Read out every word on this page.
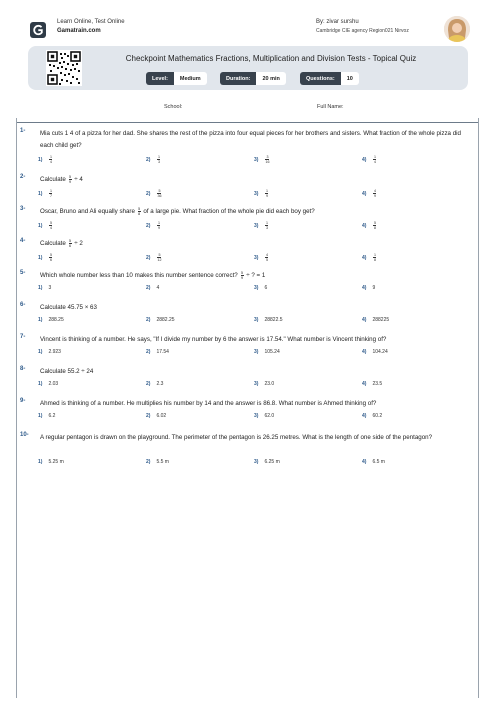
Learn Online, Test Online
Gamatrain.com
By: zivar surshu
Cambridge CIE agency Region021 Nirvoz
Checkpoint Mathematics Fractions, Multiplication and Division Tests - Topical Quiz
Level:	Medium	Duration:	20 min	Questions:	10
School:	Full Name:
1- Mia cuts 1 4 of a pizza for her dad. She shares the rest of the pizza into four equal pieces for her brothers and sisters. What fraction of the whole pizza did each child get?
$1) \frac{1}{4}$	$2) \frac{1}{3}$	$3) \frac{3}{16}$	$4) \frac{1}{4}$
2- Calculate $\frac{5}{9} \div 4$
$1) \frac{1}{7}$	$2) \frac{5}{36}$	$3) \frac{1}{9}$	$4) \frac{4}{9}$
3- Oscar, Bruno and Ali equally share $\frac{5}{8}$ of a large pie. What fraction of the whole pie did each boy get?
$1) \frac{5}{4}$	$2) \frac{1}{9}$	$3) \frac{1}{3}$	$4) \frac{5}{8}$
4- Calculate $\frac{5}{6} \div 2$
$1) \frac{5}{6}$	$2) \frac{5}{12}$	$3) \frac{4}{5}$	$4) \frac{1}{8}$
5- Which whole number less than 10 makes this number sentence correct? $\frac{5}{9}$ ÷ ? = 1
1) 3	2) 4	3) 6	4) 9
6- Calculate 45.75 × 63
1) 288.25	2) 2882.25	3) 28822.5	4) 288225
7- Vincent is thinking of a number. He says, "If I divide my number by 6 the answer is 17.54." What number is Vincent thinking of?
1) 2.923	2) 17.54	3) 105.24	4) 104.24
8- Calculate 55.2 ÷ 24
1) 2.03	2) 2.3	3) 23.0	4) 23.5
9- Ahmed is thinking of a number. He multiplies his number by 14 and the answer is 86.8. What number is Ahmed thinking of?
1) 6.2	2) 6.02	3) 62.0	4) 60.2
10- A regular pentagon is drawn on the playground. The perimeter of the pentagon is 26.25 metres. What is the length of one side of the pentagon?
1) 5.25 m	2) 5.5 m	3) 6.25 m	4) 6.5 m
